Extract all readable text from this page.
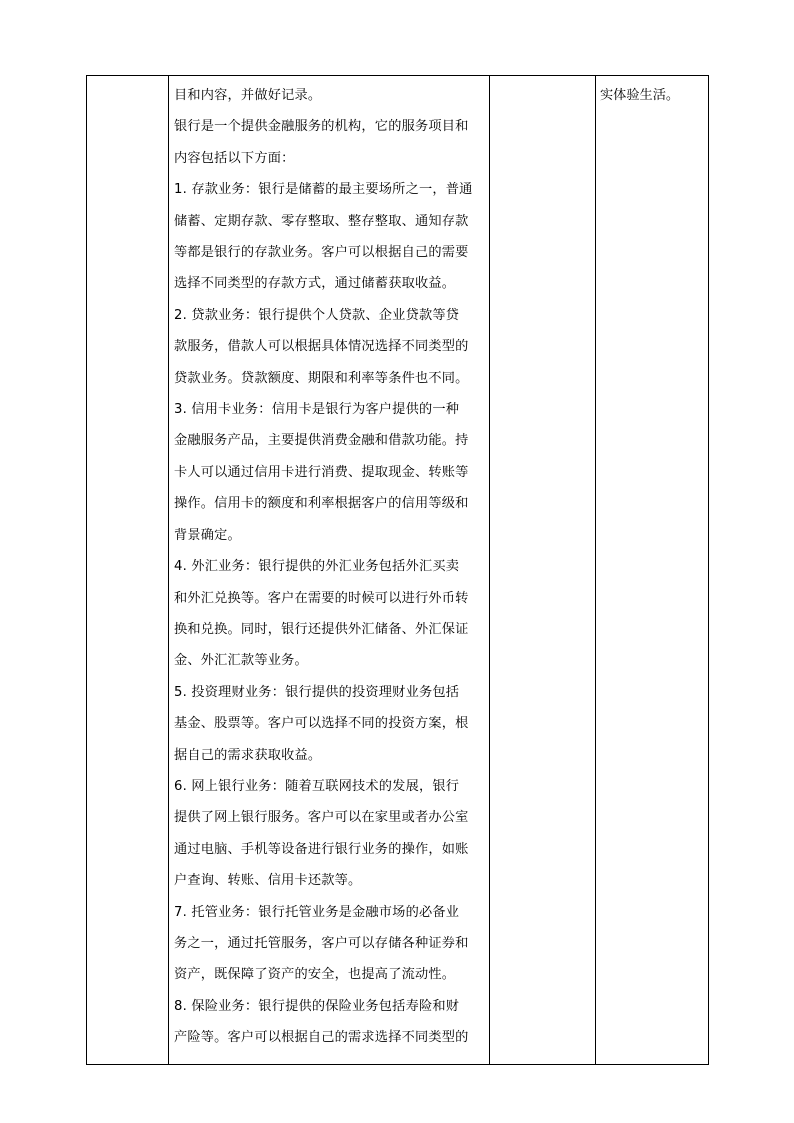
目和内容，并做好记录。
银行是一个提供金融服务的机构，它的服务项目和
内容包括以下方面：
1. 存款业务：银行是储蓄的最主要场所之一，普通
储蓄、定期存款、零存整取、整存整取、通知存款
等都是银行的存款业务。客户可以根据自己的需要
选择不同类型的存款方式，通过储蓄获取收益。
2. 贷款业务：银行提供个人贷款、企业贷款等贷
款服务，借款人可以根据具体情况选择不同类型的
贷款业务。贷款额度、期限和利率等条件也不同。
3. 信用卡业务：信用卡是银行为客户提供的一种
金融服务产品，主要提供消费金融和借款功能。持
卡人可以通过信用卡进行消费、提取现金、转账等
操作。信用卡的额度和利率根据客户的信用等级和
背景确定。
4. 外汇业务：银行提供的外汇业务包括外汇买卖
和外汇兑换等。客户在需要的时候可以进行外币转
换和兑换。同时，银行还提供外汇储备、外汇保证
金、外汇汇款等业务。
5. 投资理财业务：银行提供的投资理财业务包括
基金、股票等。客户可以选择不同的投资方案，根
据自己的需求获取收益。
6. 网上银行业务：随着互联网技术的发展，银行
提供了网上银行服务。客户可以在家里或者办公室
通过电脑、手机等设备进行银行业务的操作，如账
户查询、转账、信用卡还款等。
7. 托管业务：银行托管业务是金融市场的必备业
务之一，通过托管服务，客户可以存储各种证券和
资产，既保障了资产的安全，也提高了流动性。
8. 保险业务：银行提供的保险业务包括寿险和财
产险等。客户可以根据自己的需求选择不同类型的

实体验生活。
